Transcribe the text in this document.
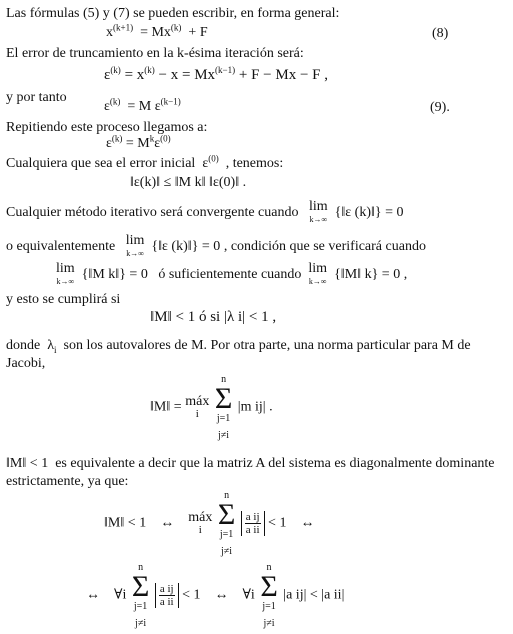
Las fórmulas (5) y (7) se pueden escribir, en forma general:
$x^{(k+1)} = Mx^{(k)} + F$	(8)
El error de truncamiento en la k-ésima iteración será:
$\varepsilon^{(k)} = x^{(k)} - x = Mx^{(k-1)} + F - Mx - F$ ,
y por tanto
$\varepsilon^{(k)} = M$ $\varepsilon^{(k-1)}$	(9).
Repitiendo este proceso llegamos a:
$\varepsilon^{(k)} = M^k\varepsilon^{(0)}$
Cualquiera que sea el error inicial $\varepsilon^{(0)}$ , tenemos:
‖ε(k)‖ ≤ ‖M k‖ ‖ε(0)‖ .
Cualquier método iterativo será convergente cuando lim
k→∞ {‖ε (k)‖} = 0
o equivalentemente lim
k→∞ {‖ε (k)‖} = 0 , condición que se verificará cuando
lim
k→∞ {‖M k‖} = 0 ó suficientemente cuando lim
k→∞ {‖M‖ k} = 0 ,
y esto se cumplirá si
‖M‖ < 1 ó si |λ i| < 1 ,
donde $\lambda_i$ son los autovalores de M. Por otra parte, una norma particular para M de
Jacobi,
‖M‖ = máx
i

n
Σ
j=1
j≠i
|m ij| .
‖M‖ < 1 es equivalente a decir que la matriz A del sistema es diagonalmente dominante
estrictamente, ya que:
‖M‖ < 1 ↔ máx
i

n
Σ
j=1
j≠i

$\frac{\text{a ij}}{\text{a ii}} < 1$ ↔
↔ ∀i
n
Σ
j=1
j≠i

$\frac{\text{a ij}}{\text{a ii}} < 1$ ↔ ∀i
n
Σ
j=1
j≠i
|a ij| < |a ii|
